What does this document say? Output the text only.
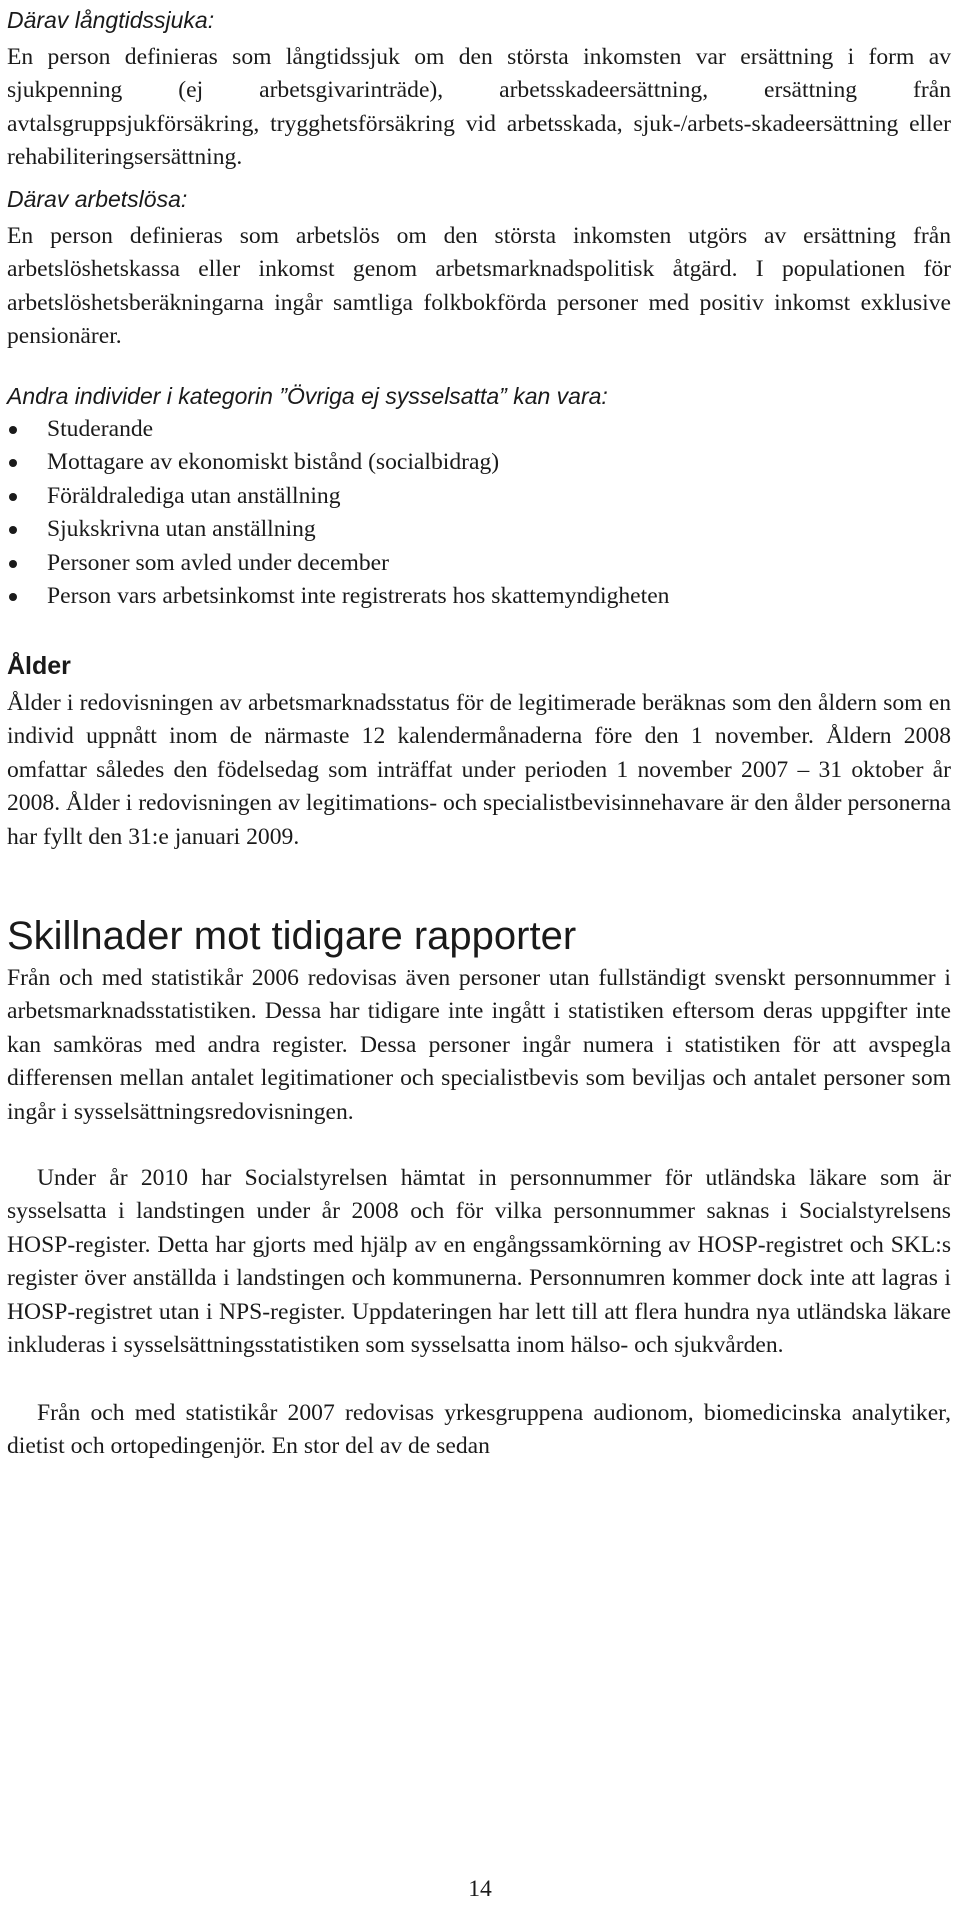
Därav långtidssjuka:

En person definieras som långtidssjuk om den största inkomsten var ersättning i form av sjukpenning (ej arbetsgivarinträde), arbetsskadeersättning, ersättning från avtalsgruppsjukförsäkring, trygghetsförsäkring vid arbetsskada, sjuk-/arbets-skadeersättning eller rehabiliteringsersättning.

Därav arbetslösa:

En person definieras som arbetslös om den största inkomsten utgörs av ersättning från arbetslöshetskassa eller inkomst genom arbetsmarknadspolitisk åtgärd. I populationen för arbetslöshetsberäkningarna ingår samtliga folkbokförda personer med positiv inkomst exklusive pensionärer.

Andra individer i kategorin ”Övriga ej sysselsatta” kan vara:

Studerande
Mottagare av ekonomiskt bistånd (socialbidrag)
Föräldralediga utan anställning
Sjukskrivna utan anställning
Personer som avled under december
Person vars arbetsinkomst inte registrerats hos skattemyndigheten
Ålder

Ålder i redovisningen av arbetsmarknadsstatus för de legitimerade beräknas som den åldern som en individ uppnått inom de närmaste 12 kalendermånaderna före den 1 november. Åldern 2008 omfattar således den födelsedag som inträffat under perioden 1 november 2007 – 31 oktober år 2008. Ålder i redovisningen av legitimations- och specialistbevisinnehavare är den ålder personerna har fyllt den 31:e januari 2009.

Skillnader mot tidigare rapporter

Från och med statistikår 2006 redovisas även personer utan fullständigt svenskt personnummer i arbetsmarknadsstatistiken. Dessa har tidigare inte ingått i statistiken eftersom deras uppgifter inte kan samköras med andra register. Dessa personer ingår numera i statistiken för att avspegla differensen mellan antalet legitimationer och specialistbevis som beviljas och antalet personer som ingår i sysselsättningsredovisningen.

Under år 2010 har Socialstyrelsen hämtat in personnummer för utländska läkare som är sysselsatta i landstingen under år 2008 och för vilka personnummer saknas i Socialstyrelsens HOSP-register. Detta har gjorts med hjälp av en engångssamkörning av HOSP-registret och SKL:s register över anställda i landstingen och kommunerna. Personnumren kommer dock inte att lagras i HOSP-registret utan i NPS-register. Uppdateringen har lett till att flera hundra nya utländska läkare inkluderas i sysselsättningsstatistiken som sysselsatta inom hälso- och sjukvården.

Från och med statistikår 2007 redovisas yrkesgruppena audionom, biomedicinska analytiker, dietist och ortopedingenjör. En stor del av de sedan

14
